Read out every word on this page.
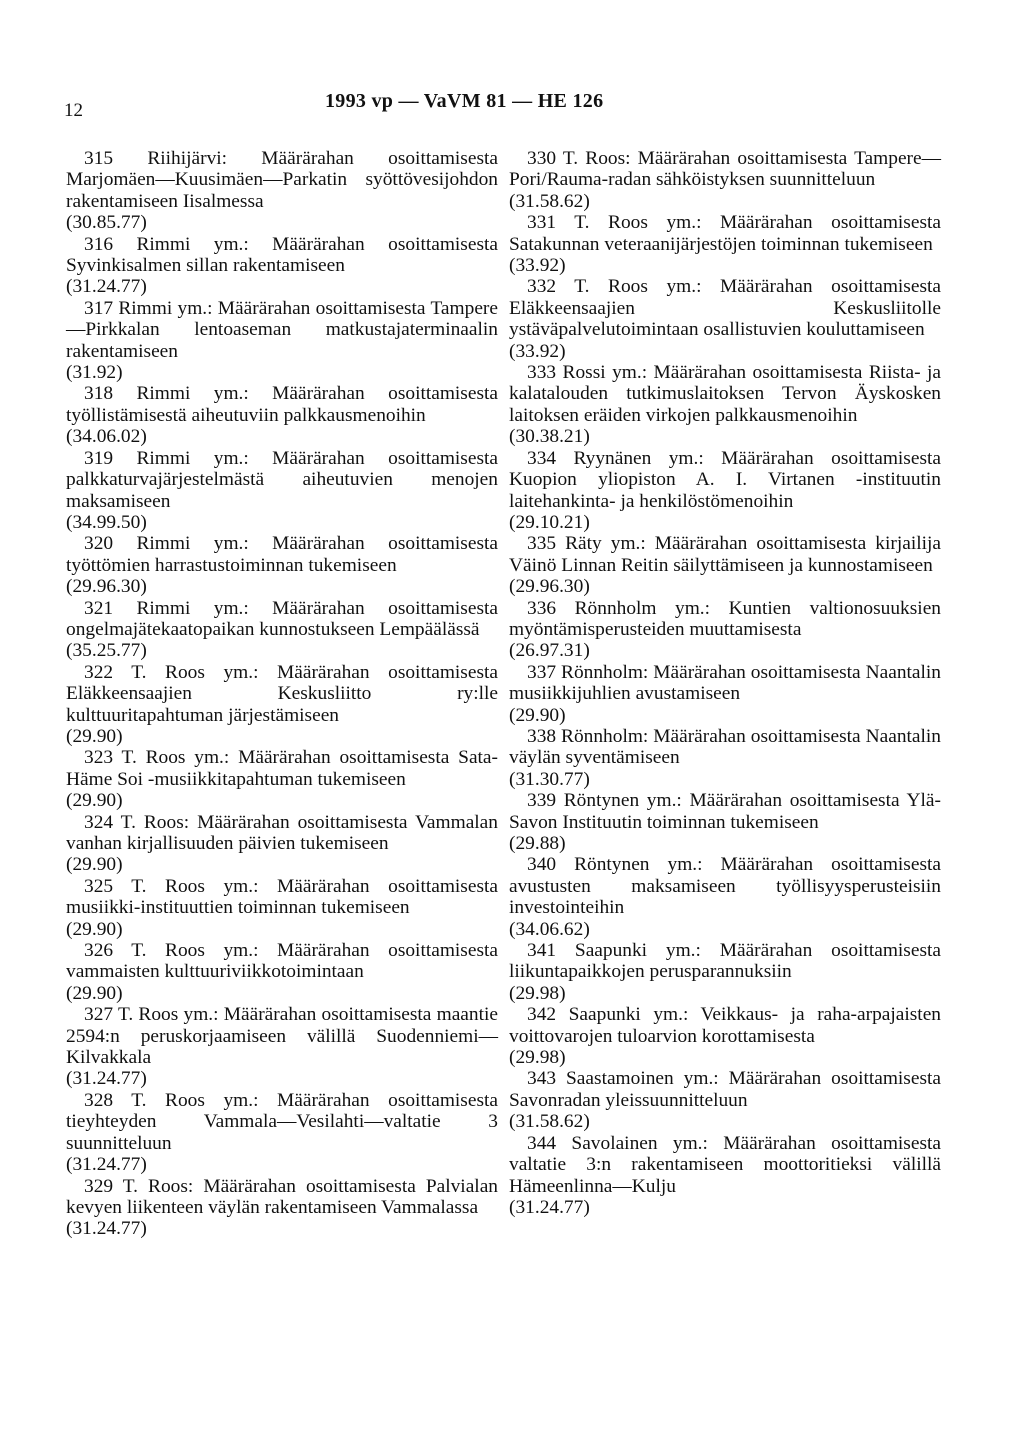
12	1993 vp — VaVM 81 — HE 126

315 Riihijärvi: Määrärahan osoittamisesta Marjomäen—Kuusimäen—Parkatin syöttövesijohdon rakentamiseen Iisalmessa
(30.85.77)

316 Rimmi ym.: Määrärahan osoittamisesta Syvinkisalmen sillan rakentamiseen
(31.24.77)

317 Rimmi ym.: Määrärahan osoittamisesta Tampere—Pirkkalan lentoaseman matkustajaterminaalin rakentamiseen
(31.92)

318 Rimmi ym.: Määrärahan osoittamisesta työllistämisestä aiheutuviin palkkausmenoihin
(34.06.02)

319 Rimmi ym.: Määrärahan osoittamisesta palkkaturvajärjestelmästä aiheutuvien menojen maksamiseen
(34.99.50)

320 Rimmi ym.: Määrärahan osoittamisesta työttömien harrastustoiminnan tukemiseen
(29.96.30)

321 Rimmi ym.: Määrärahan osoittamisesta ongelmajätekaatopaikan kunnostukseen Lempäälässä
(35.25.77)

322 T. Roos ym.: Määrärahan osoittamisesta Eläkkeensaajien Keskusliitto ry:lle kulttuuritapahtuman järjestämiseen
(29.90)

323 T. Roos ym.: Määrärahan osoittamisesta Sata-Häme Soi -musiikkitapahtuman tukemiseen
(29.90)

324 T. Roos: Määrärahan osoittamisesta Vammalan vanhan kirjallisuuden päivien tukemiseen
(29.90)

325 T. Roos ym.: Määrärahan osoittamisesta musiikki-instituuttien toiminnan tukemiseen
(29.90)

326 T. Roos ym.: Määrärahan osoittamisesta vammaisten kulttuuriviikkotoimintaan
(29.90)

327 T. Roos ym.: Määrärahan osoittamisesta maantie 2594:n peruskorjaamiseen välillä Suodenniemi—Kilvakkala
(31.24.77)

328 T. Roos ym.: Määrärahan osoittamisesta tieyhteyden Vammala—Vesilahti—valtatie 3 suunnitteluun
(31.24.77)

329 T. Roos: Määrärahan osoittamisesta Palvialan kevyen liikenteen väylän rakentamiseen Vammalassa
(31.24.77)

330 T. Roos: Määrärahan osoittamisesta Tampere—Pori/Rauma-radan sähköistyksen suunnitteluun
(31.58.62)

331 T. Roos ym.: Määrärahan osoittamisesta Satakunnan veteraanijärjestöjen toiminnan tukemiseen
(33.92)

332 T. Roos ym.: Määrärahan osoittamisesta Eläkkeensaajien Keskusliitolle ystäväpalvelutoimintaan osallistuvien kouluttamiseen
(33.92)

333 Rossi ym.: Määrärahan osoittamisesta Riista- ja kalatalouden tutkimuslaitoksen Tervon Äyskosken laitoksen eräiden virkojen palkkausmenoihin
(30.38.21)

334 Ryynänen ym.: Määrärahan osoittamisesta Kuopion yliopiston A. I. Virtanen -instituutin laitehankinta- ja henkilöstömenoihin
(29.10.21)

335 Räty ym.: Määrärahan osoittamisesta kirjailija Väinö Linnan Reitin säilyttämiseen ja kunnostamiseen
(29.96.30)

336 Rönnholm ym.: Kuntien valtionosuuksien myöntämisperusteiden muuttamisesta
(26.97.31)

337 Rönnholm: Määrärahan osoittamisesta Naantalin musiikkijuhlien avustamiseen
(29.90)

338 Rönnholm: Määrärahan osoittamisesta Naantalin väylän syventämiseen
(31.30.77)

339 Röntynen ym.: Määrärahan osoittamisesta Ylä-Savon Instituutin toiminnan tukemiseen
(29.88)

340 Röntynen ym.: Määrärahan osoittamisesta avustusten maksamiseen työllisyysperusteisiin investointeihin
(34.06.62)

341 Saapunki ym.: Määrärahan osoittamisesta liikuntapaikkojen perusparannuksiin
(29.98)

342 Saapunki ym.: Veikkaus- ja raha-arpajaisten voittovarojen tuloarvion korottamisesta
(29.98)

343 Saastamoinen ym.: Määrärahan osoittamisesta Savonradan yleissuunnitteluun
(31.58.62)

344 Savolainen ym.: Määrärahan osoittamisesta valtatie 3:n rakentamiseen moottoritieksi välillä Hämeenlinna—Kulju
(31.24.77)
